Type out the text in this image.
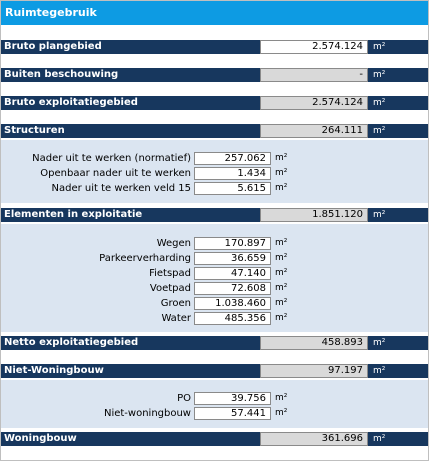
Ruimtegebruik
Bruto plangebied	2.574.124	m²
Buiten beschouwing	-	m²
Bruto exploitatiegebied	2.574.124	m²
Structuren	264.111	m²
Nader uit te werken (normatief)	257.062	m²
Openbaar nader uit te werken	1.434	m²
Nader uit te werken veld 15	5.615	m²
Elementen in exploitatie	1.851.120	m²
Wegen	170.897	m²
Parkeerverharding	36.659	m²
Fietspad	47.140	m²
Voetpad	72.608	m²
Groen	1.038.460	m²
Water	485.356	m²
Netto exploitatiegebied	458.893	m²
Niet-Woningbouw	97.197	m²
PO	39.756	m²
Niet-woningbouw	57.441	m²
Woningbouw	361.696	m²
